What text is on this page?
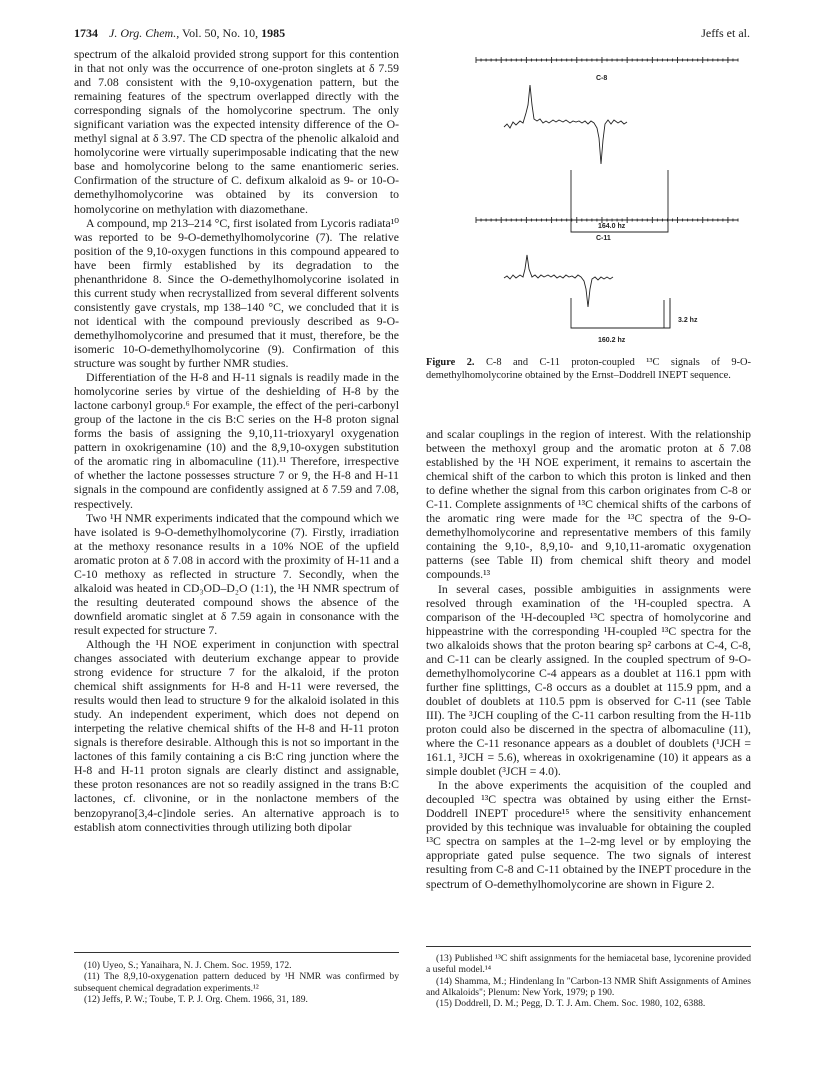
1734 J. Org. Chem., Vol. 50, No. 10, 1985	Jeffs et al.

spectrum of the alkaloid provided strong support for this contention in that not only was the occurrence of one-proton singlets at δ 7.59 and 7.08 consistent with the 9,10-oxygenation pattern, but the remaining features of the spectrum overlapped directly with the corresponding signals of the homolycorine spectrum. The only significant variation was the expected intensity difference of the O-methyl signal at δ 3.97. The CD spectra of the phenolic alkaloid and homolycorine were virtually superimposable indicating that the new base and homolycorine belong to the same enantiomeric series. Confirmation of the structure of C. defixum alkaloid as 9- or 10-O-demethylhomolycorine was obtained by its conversion to homolycorine on methylation with diazomethane.

A compound, mp 213–214 °C, first isolated from Lycoris radiata¹⁰ was reported to be 9-O-demethylhomolycorine (7). The relative position of the 9,10-oxygen functions in this compound appeared to have been firmly established by its degradation to the phenanthridone 8. Since the O-demethylhomolycorine isolated in this current study when recrystallized from several different solvents consistently gave crystals, mp 138–140 °C, we concluded that it is not identical with the compound previously described as 9-O-demethylhomolycorine and presumed that it must, therefore, be the isomeric 10-O-demethylhomolycorine (9). Confirmation of this structure was sought by further NMR studies.

Differentiation of the H-8 and H-11 signals is readily made in the homolycorine series by virtue of the deshielding of H-8 by the lactone carbonyl group.⁶ For example, the effect of the peri-carbonyl group of the lactone in the cis B:C series on the H-8 proton signal forms the basis of assigning the 9,10,11-trioxyaryl oxygenation pattern in oxokrigenamine (10) and the 8,9,10-oxygen substitution of the aromatic ring in albomaculine (11).¹¹ Therefore, irrespective of whether the lactone possesses structure 7 or 9, the H-8 and H-11 signals in the compound are confidently assigned at δ 7.59 and 7.08, respectively.

Two ¹H NMR experiments indicated that the compound which we have isolated is 9-O-demethylhomolycorine (7). Firstly, irradiation at the methoxy resonance results in a 10% NOE of the upfield aromatic proton at δ 7.08 in accord with the proximity of H-11 and a C-10 methoxy as reflected in structure 7. Secondly, when the alkaloid was heated in CD₃OD–D₂O (1:1), the ¹H NMR spectrum of the resulting deuterated compound shows the absence of the downfield aromatic singlet at δ 7.59 again in consonance with the result expected for structure 7.

Although the ¹H NOE experiment in conjunction with spectral changes associated with deuterium exchange appear to provide strong evidence for structure 7 for the alkaloid, if the proton chemical shift assignments for H-8 and H-11 were reversed, the results would then lead to structure 9 for the alkaloid isolated in this study. An independent experiment, which does not depend on interpeting the relative chemical shifts of the H-8 and H-11 proton signals is therefore desirable. Although this is not so important in the lactones of this family containing a cis B:C ring junction where the H-8 and H-11 proton signals are clearly distinct and assignable, these proton resonances are not so readily assigned in the trans B:C lactones, cf. clivonine, or in the nonlactone members of the benzopyrano[3,4-c]indole series. An alternative approach is to establish atom connectivities through utilizing both dipolar

C-8
164.0 hz
C-11
3.2 hz
160.2 hz
Figure 2. C-8 and C-11 proton-coupled ¹³C signals of 9-O-demethylhomolycorine obtained by the Ernst–Doddrell INEPT sequence.

and scalar couplings in the region of interest. With the relationship between the methoxyl group and the aromatic proton at δ 7.08 established by the ¹H NOE experiment, it remains to ascertain the chemical shift of the carbon to which this proton is linked and then to define whether the signal from this carbon originates from C-8 or C-11. Complete assignments of ¹³C chemical shifts of the carbons of the aromatic ring were made for the ¹³C spectra of the 9-O-demethylhomolycorine and representative members of this family containing the 9,10-, 8,9,10- and 9,10,11-aromatic oxygenation patterns (see Table II) from chemical shift theory and model compounds.¹³

In several cases, possible ambiguities in assignments were resolved through examination of the ¹H-coupled spectra. A comparison of the ¹H-decoupled ¹³C spectra of homolycorine and hippeastrine with the corresponding ¹H-coupled ¹³C spectra for the two alkaloids shows that the proton bearing sp² carbons at C-4, C-8, and C-11 can be clearly assigned. In the coupled spectrum of 9-O-demethylhomolycorine C-4 appears as a doublet at 116.1 ppm with further fine splittings, C-8 occurs as a doublet at 115.9 ppm, and a doublet of doublets at 110.5 ppm is observed for C-11 (see Table III). The ³JCH coupling of the C-11 carbon resulting from the H-11b proton could also be discerned in the spectra of albomaculine (11), where the C-11 resonance appears as a doublet of doublets (¹JCH = 161.1, ³JCH = 5.6), whereas in oxokrigenamine (10) it appears as a simple doublet (³JCH = 4.0).

In the above experiments the acquisition of the coupled and decoupled ¹³C spectra was obtained by using either the Ernst-Doddrell INEPT procedure¹⁵ where the sensitivity enhancement provided by this technique was invaluable for obtaining the coupled ¹³C spectra on samples at the 1–2-mg level or by employing the appropriate gated pulse sequence. The two signals of interest resulting from C-8 and C-11 obtained by the INEPT procedure in the spectrum of O-demethylhomolycorine are shown in Figure 2.

(10) Uyeo, S.; Yanaihara, N. J. Chem. Soc. 1959, 172.
(11) The 8,9,10-oxygenation pattern deduced by ¹H NMR was confirmed by subsequent chemical degradation experiments.¹²
(12) Jeffs, P. W.; Toube, T. P. J. Org. Chem. 1966, 31, 189.
(13) Published ¹³C shift assignments for the hemiacetal base, lycorenine provided a useful model.¹⁴
(14) Shamma, M.; Hindenlang In "Carbon-13 NMR Shift Assignments of Amines and Alkaloids"; Plenum: New York, 1979; p 190.
(15) Doddrell, D. M.; Pegg, D. T. J. Am. Chem. Soc. 1980, 102, 6388.
